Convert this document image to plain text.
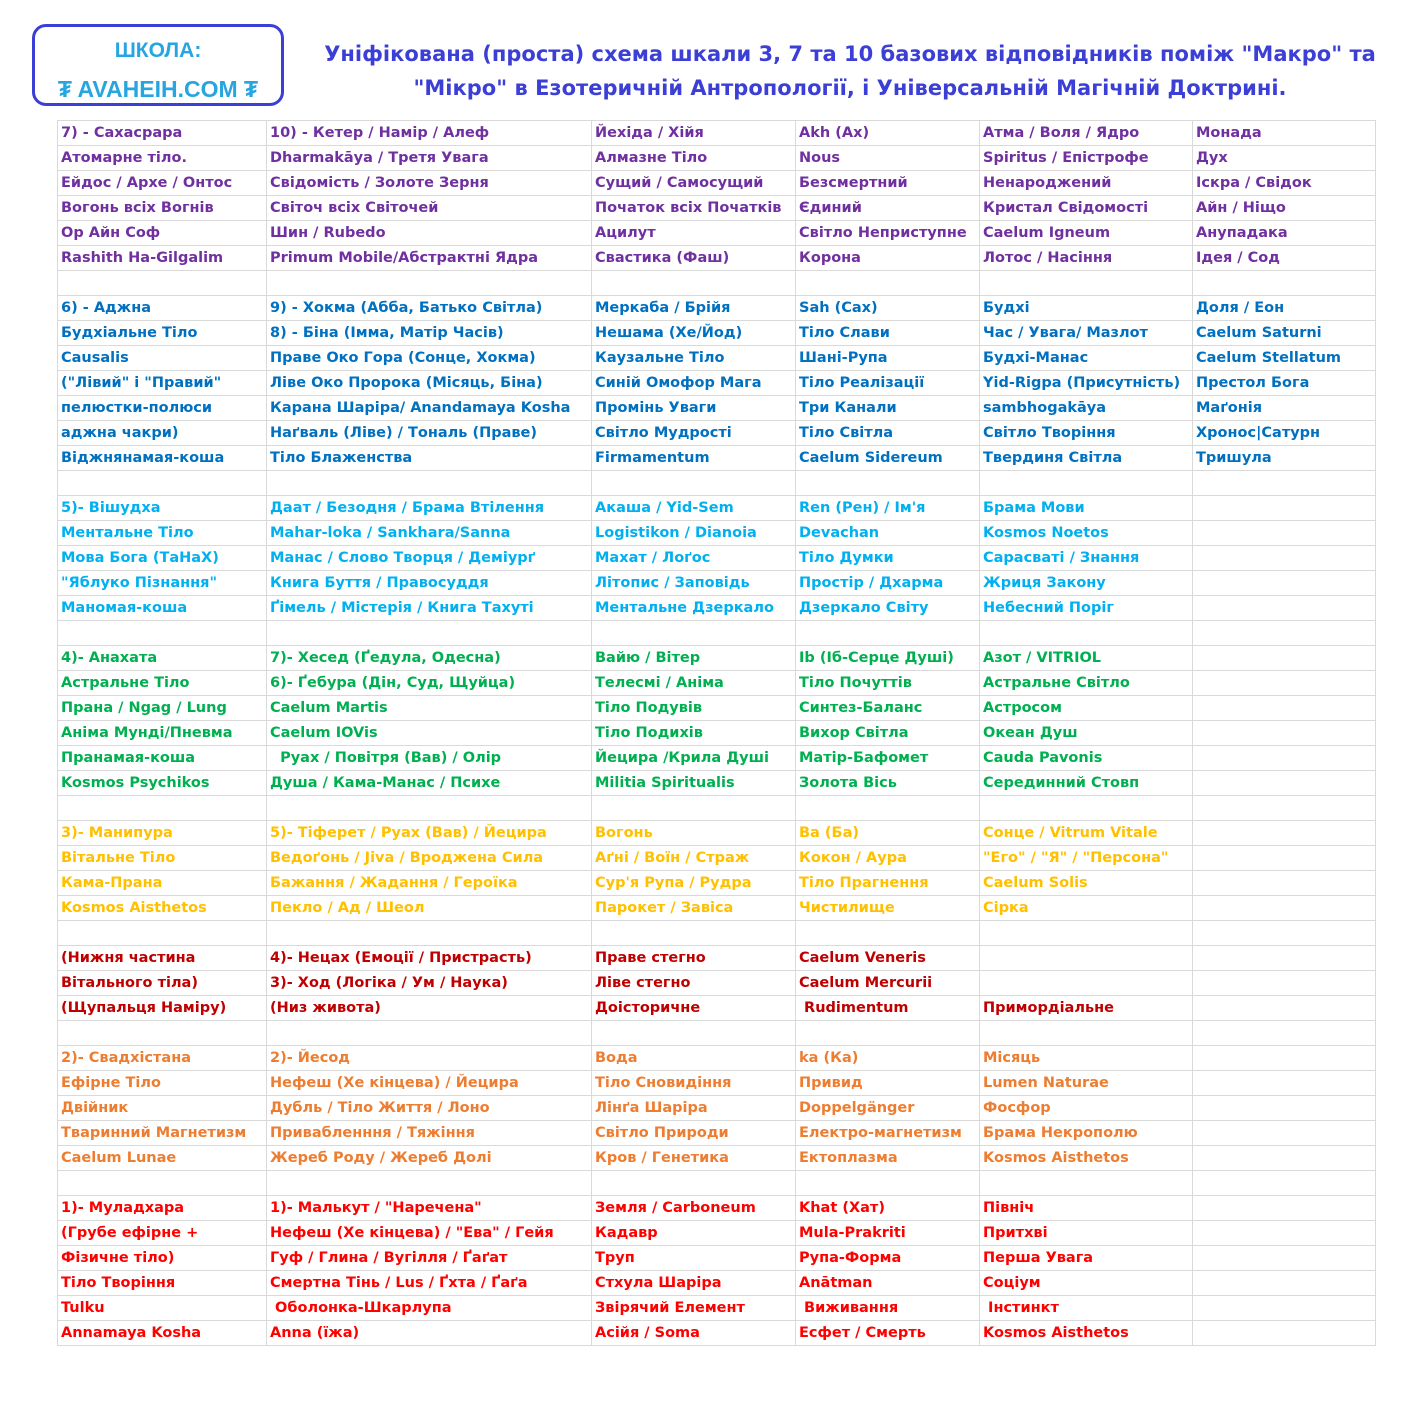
ШКОЛА:
₮ AVAHEIH.COM ₮
Уніфікована (проста) схема шкали 3, 7 та 10 базових відповідників поміж "Макро" та
"Мікро" в Езотеричній Антропології, і Універсальній Магічній Доктрині.
7) - Сахасрара	10) - Кетер / Намір / Алеф	Йехіда / Хійя	Akh (Ах)	Атма / Воля / Ядро	Монада
Атомарне тіло.	Dharmakāya / Третя Увага	Алмазне Тіло	Nous	Spiritus / Епістрофе	Дух
Ейдос / Архе / Онтос	Свідомість / Золоте Зерня	Сущий / Самосущий	Безсмертний	Ненароджений	Іскра / Свідок
Вогонь всіх Вогнів	Світоч всіх Світочей	Початок всіх Початків	Єдиний	Кристал Свідомості	Айн / Ніщо
Ор Айн Соф	Шин / Rubedo	Ацилут	Світло Неприступне	Caelum Igneum	Анупадака
Rashith Ha-Gilgalim	Primum Mobile/Абстрактні Ядра	Свастика (Фаш)	Корона	Лотос / Насіння	Ідея / Сод

6) - Аджна	9) - Хокма (Абба, Батько Світла)	Меркаба / Брійя	Sah (Сах)	Будхі	Доля / Еон
Будхіальне Тіло	8) - Біна (Імма, Матір Часів)	Нешама (Хе/Йод)	Тіло Слави	Час / Увага/ Мазлот	Caelum Saturni
Causalis	Праве Око Гора (Сонце, Хокма)	Каузальне Тіло	Шані-Рупа	Будхі-Манас	Caelum Stellatum
("Лівий" і "Правий"	Ліве Око Пророка (Місяць, Біна)	Синій Омофор Мага	Тіло Реалізації	Yid-Rigpa (Присутність)	Престол Бога
пелюстки-полюси	Карана Шаріра/ Anandamaya Kosha	Промінь Уваги	Три Канали	sambhogakāya	Маґонія
аджна чакри)	Наґваль (Ліве) / Тональ (Праве)	Світло Мудрості	Тіло Світла	Світло Творіння	Хронос|Сатурн
Віджнянамая-коша	Тіло Блаженства	Firmamentum	Caelum Sidereum	Твердиня Світла	Тришула

5)- Вішудха	Даат / Безодня / Брама Втілення	Акаша / Yid-Sem	Ren (Рен) / Ім'я	Брама Мови	
Ментальне Тіло	Mahar-loka / Sankhara/Sanna	Logistikon / Dianoia	Devachan	Kosmos Noetos	
Мова Бога (ТаНаХ)	Манас / Слово Творця / Деміурґ	Махат / Лоґос	Тіло Думки	Сарасваті / Знання	
"Яблуко Пізнання"	Книга Буття / Правосуддя	Літопис / Заповідь	Простір / Дхарма	Жриця Закону	
Маномая-коша	Ґімель / Містерія / Книга Тахуті	Ментальне Дзеркало	Дзеркало Світу	Небесний Поріг	

4)- Анахата	7)- Хесед (Ґедула, Одесна)	Вайю / Вітер	Ib (Іб-Серце Душі)	Азот / VITRIOL	
Астральне Тіло	6)- Ґебура (Дін, Суд, Щуйца)	Телесмі / Аніма	Тіло Почуттів	Астральне Світло	
Прана / Ngag / Lung	Caelum Martis	Тіло Подувів	Синтез-Баланс	Астросом	
Аніма Мунді/Пневма	Caelum IOVis	Тіло Подихів	Вихор Світла	Океан Душ	
Пранамая-коша	Руах / Повітря (Вав) / Олір	Йецира /Крила Душі	Матір-Бафомет	Cauda Pavonis	
Kosmos Psychikos	Душа / Кама-Манас / Психе	Militia Spiritualis	Золота Вісь	Серединний Стовп	

3)- Манипура	5)- Тіферет / Руах (Вав) / Йецира	Вогонь	Ва (Ба)	Сонце / Vitrum Vitale	
Вітальне Тіло	Ведоґонь / Jiva / Вроджена Сила	Аґні / Воїн / Страж	Кокон / Аура	"Его" / "Я" / "Персона"	
Кама-Прана	Бажання / Жадання / Героїка	Сур'я Рупа / Рудра	Тіло Прагнення	Caelum Solis	
Kosmos Aisthetos	Пекло / Ад / Шеол	Парокет / Завіса	Чистилище	Сірка	

(Нижня частина	4)- Нецах (Емоції / Пристрасть)	Праве стегно	Caelum Veneris		
Вітального тіла)	3)- Ход (Логіка / Ум / Наука)	Ліве стегно	Caelum Mercurii		
(Щупальця Наміру)	(Низ живота)	Доісторичне	Rudimentum	Примордіальне	

2)- Свадхістана	2)- Йесод	Вода	ka (Ка)	Місяць	
Ефірне Тіло	Нефеш (Хе кінцева) / Йецира	Тіло Сновидіння	Привид	Lumen Naturae	
Двійник	Дубль / Тіло Життя / Лоно	Лінґа Шаріра	Doppelgänger	Фосфор	
Тваринний Магнетизм	Привабленння / Тяжіння	Світло Природи	Електро-магнетизм	Брама Некрополю	
Caelum Lunae	Жереб Роду / Жереб Долі	Кров / Генетика	Ектоплазма	Kosmos Aisthetos	

1)- Муладхара	1)- Малькут / "Наречена"	Земля / Carboneum	Khat (Хат)	Північ	
(Грубе ефірне +	Нефеш (Хе кінцева) / "Ева" / Гейя	Кадавр	Mula-Prakriti	Притхві	
Фізичне тіло)	Гуф / Глина / Вугілля / Ґаґат	Труп	Рупа-Форма	Перша Увага	
Тіло Творіння	Смертна Тінь / Lus / Ґхта / Ґаґа	Стхула Шаріра	Anātman	Соціум	
Tulku	Оболонка-Шкарлупа	Звірячий Елемент	Виживання	Інстинкт	
Annamaya Kosha	Anna (їжа)	Асійя / Soma	Есфет / Смерть	Kosmos Aisthetos	
